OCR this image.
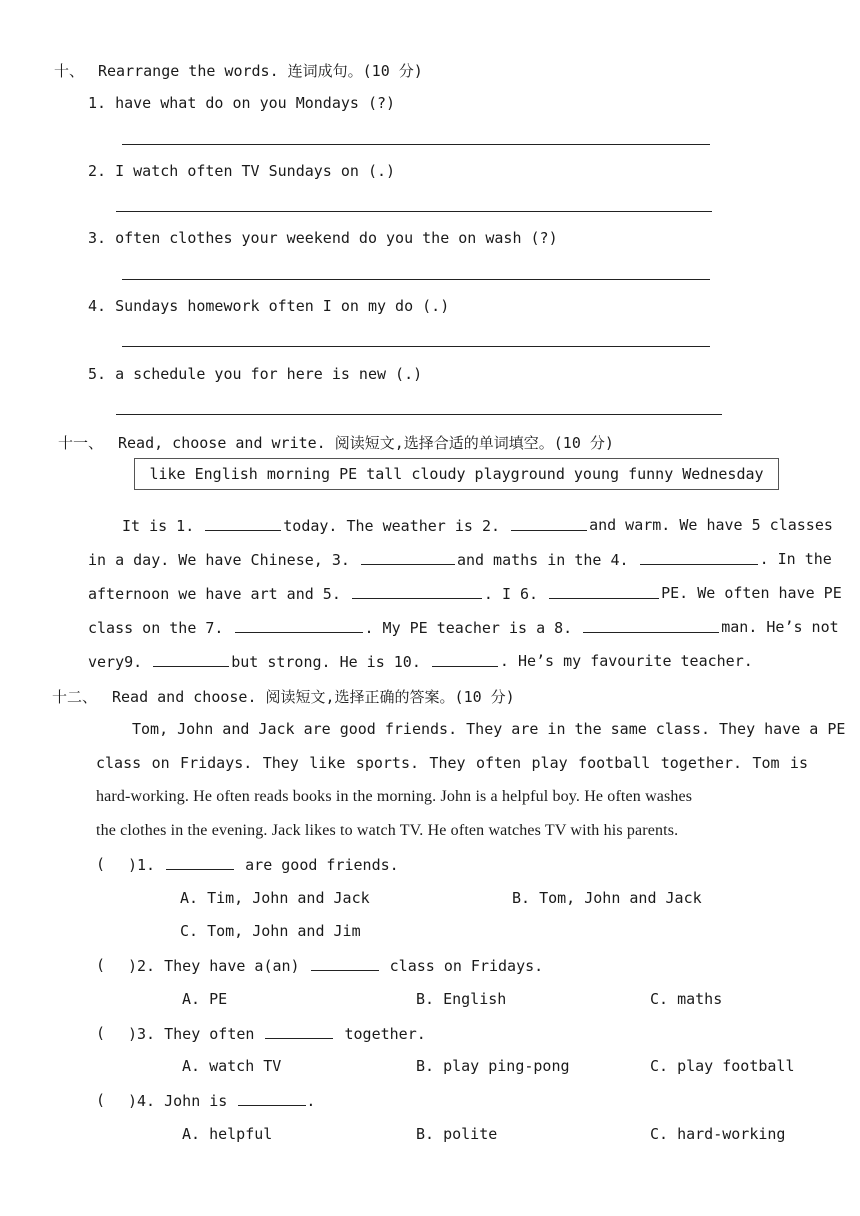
十、 Rearrange the words. 连词成句。(10 分)
1. have what do on you Mondays (?)
2. I watch often TV Sundays on (.)
3. often clothes your weekend do you the on wash (?)
4. Sundays homework often I on my do (.)
5. a schedule you for here is new (.)
十一、 Read, choose and write. 阅读短文,选择合适的单词填空。(10 分)
like English morning PE tall cloudy playground young funny Wednesday
It is 1.	today. The weather is 2.	and warm. We have 5 classes
in a day. We have Chinese, 3.	and maths in the 4.	. In the
afternoon we have art and 5.	. I 6.	PE. We often have PE
class on the 7.	. My PE teacher is a 8.	man. He’s not
very9.	but strong. He is 10.	. He’s my favourite teacher.
十二、 Read and choose. 阅读短文,选择正确的答案。(10 分)
Tom, John and Jack are good friends. They are in the same class. They have a PE
class on Fridays. They like sports. They often play football together. Tom is
hard-working. He often reads books in the morning. John is a helpful boy. He often washes
the clothes in the evening. Jack likes to watch TV. He often watches TV with his parents.
( )1.	are good friends.
A. Tim, John and Jack	B. Tom, John and Jack
C. Tom, John and Jim
( )2. They have a(an)	class on Fridays.
A. PE	B. English	C. maths
( )3. They often	together.
A. watch TV	B. play ping-pong	C. play football
( )4. John is	.
A. helpful	B. polite	C. hard-working
